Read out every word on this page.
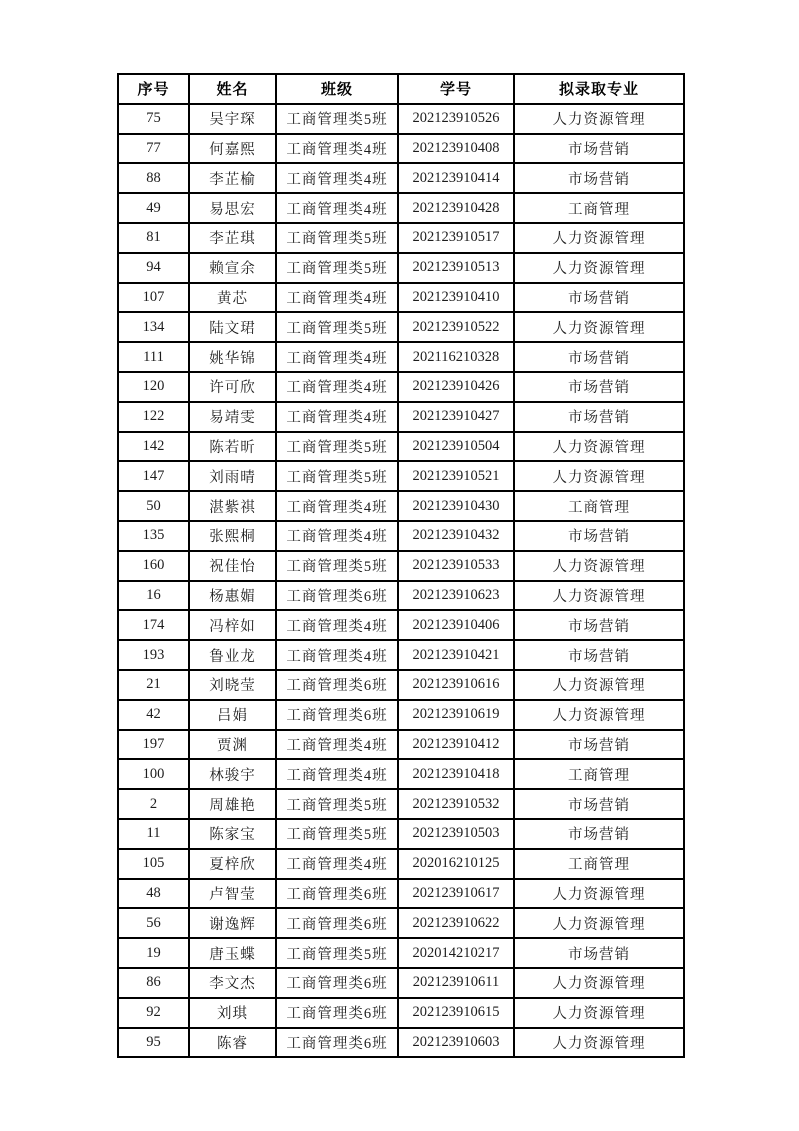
序号	姓名	班级	学号	拟录取专业
75	吴宇琛	工商管理类5班	202123910526	人力资源管理
77	何嘉熙	工商管理类4班	202123910408	市场营销
88	李芷榆	工商管理类4班	202123910414	市场营销
49	易思宏	工商管理类4班	202123910428	工商管理
81	李芷琪	工商管理类5班	202123910517	人力资源管理
94	赖宣余	工商管理类5班	202123910513	人力资源管理
107	黄芯	工商管理类4班	202123910410	市场营销
134	陆文珺	工商管理类5班	202123910522	人力资源管理
111	姚华锦	工商管理类4班	202116210328	市场营销
120	许可欣	工商管理类4班	202123910426	市场营销
122	易靖雯	工商管理类4班	202123910427	市场营销
142	陈若昕	工商管理类5班	202123910504	人力资源管理
147	刘雨晴	工商管理类5班	202123910521	人力资源管理
50	湛紫祺	工商管理类4班	202123910430	工商管理
135	张熙桐	工商管理类4班	202123910432	市场营销
160	祝佳怡	工商管理类5班	202123910533	人力资源管理
16	杨惠媚	工商管理类6班	202123910623	人力资源管理
174	冯梓如	工商管理类4班	202123910406	市场营销
193	鲁业龙	工商管理类4班	202123910421	市场营销
21	刘晓莹	工商管理类6班	202123910616	人力资源管理
42	吕娟	工商管理类6班	202123910619	人力资源管理
197	贾渊	工商管理类4班	202123910412	市场营销
100	林骏宇	工商管理类4班	202123910418	工商管理
2	周雄艳	工商管理类5班	202123910532	市场营销
11	陈家宝	工商管理类5班	202123910503	市场营销
105	夏梓欣	工商管理类4班	202016210125	工商管理
48	卢智莹	工商管理类6班	202123910617	人力资源管理
56	谢逸辉	工商管理类6班	202123910622	人力资源管理
19	唐玉蝶	工商管理类5班	202014210217	市场营销
86	李文杰	工商管理类6班	202123910611	人力资源管理
92	刘琪	工商管理类6班	202123910615	人力资源管理
95	陈睿	工商管理类6班	202123910603	人力资源管理
